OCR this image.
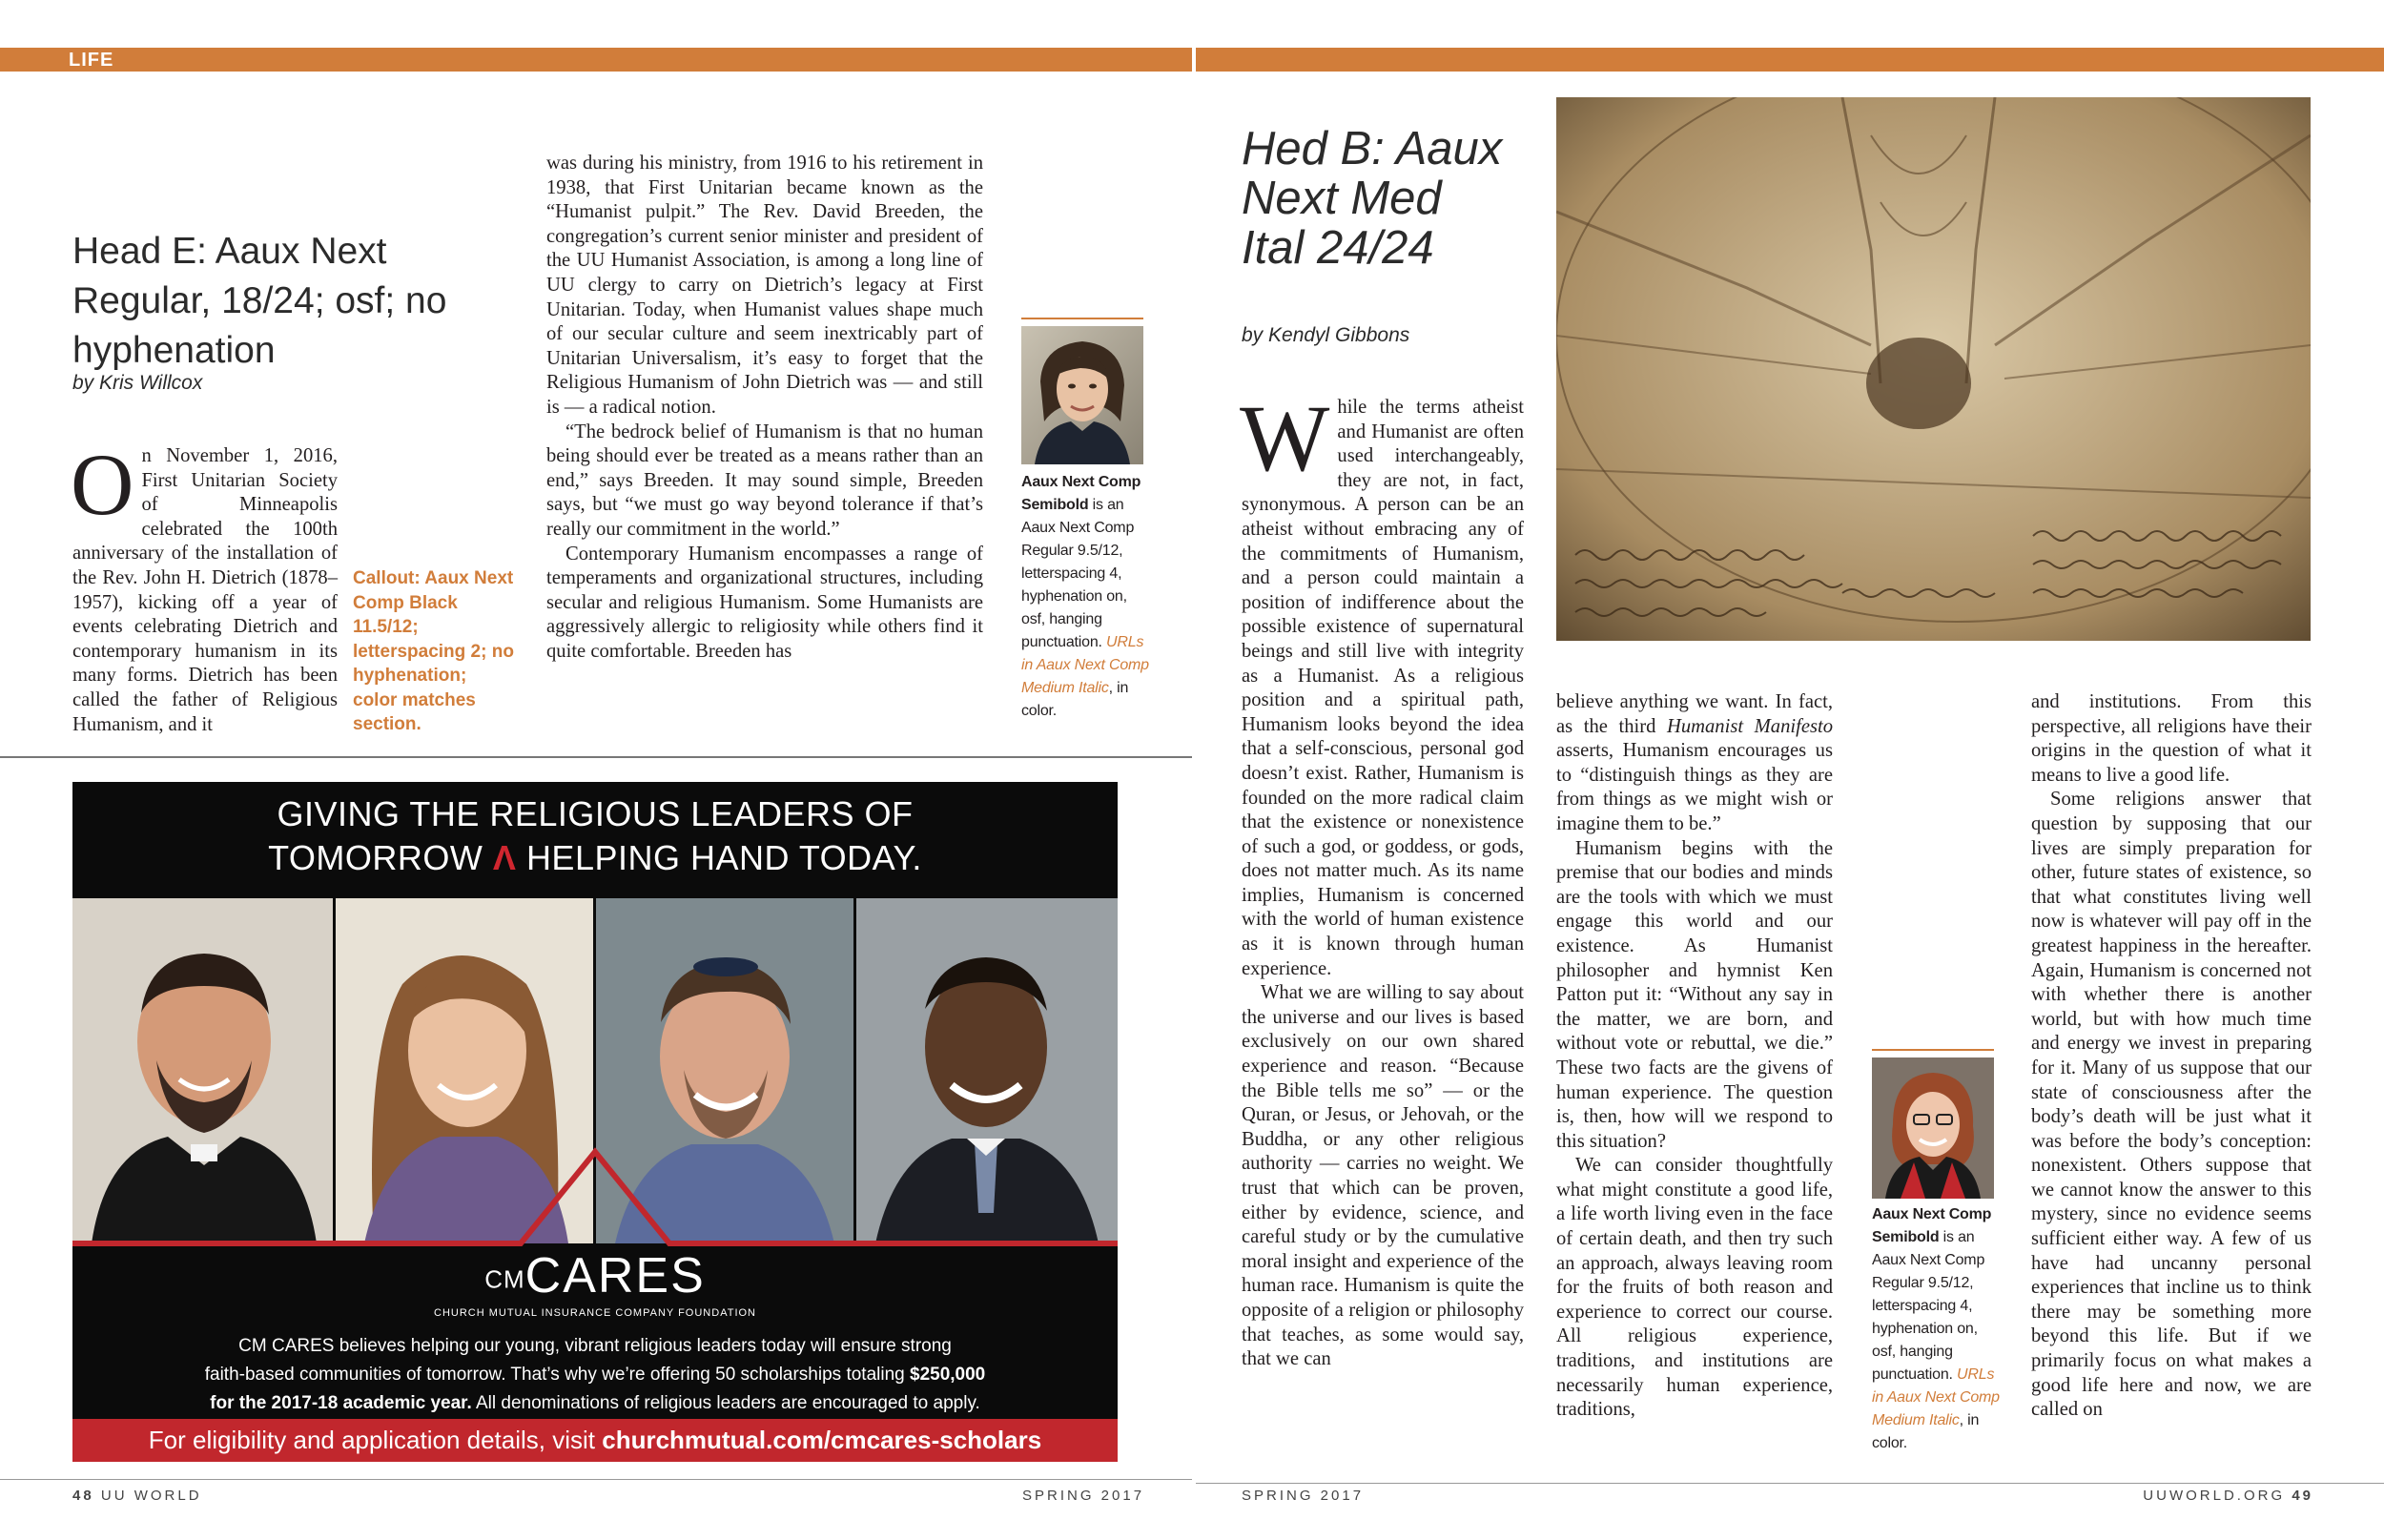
LIFE
Head E: Aaux Next Regular, 18/24; osf; no hyphenation
by Kris Willcox

On November 1, 2016, First Unitarian Society of Minneapolis celebrated the 100th anniversary of the installation of the Rev. John H. Dietrich (1878–1957), kicking off a year of events celebrating Dietrich and contemporary humanism in its many forms. Dietrich has been called the father of Religious Humanism, and it

Callout: Aaux Next Comp Black 11.5/12; letterspacing 2; no hyphenation; color matches section.

was during his ministry, from 1916 to his retirement in 1938, that First Unitarian became known as the “Humanist pulpit.” The Rev. David Breeden, the congregation’s current senior minister and president of the UU Humanist Association, is among a long line of UU clergy to carry on Dietrich’s legacy at First Unitarian. Today, when Humanist values shape much of our secular culture and seem inextricably part of Unitarian Universalism, it’s easy to forget that the Religious Humanism of John Dietrich was — and still is — a radical notion.

“The bedrock belief of Humanism is that no human being should ever be treated as a means rather than an end,” says Breeden. It may sound simple, Breeden says, but “we must go way beyond tolerance if that’s really our commitment in the world.”

Contemporary Humanism encompasses a range of temperaments and organizational structures, including secular and religious Humanism. Some Humanists are aggressively allergic to religiosity while others find it quite comfortable. Breeden has

Aaux Next Comp Semibold is an Aaux Next Comp Regular 9.5/12, letterspacing 4, hyphenation on, osf, hanging punctuation. URLs in Aaux Next Comp Medium Italic, in color.
GIVING THE RELIGIOUS LEADERS OF
TOMORROW Λ HELPING HAND TODAY.
CMCARES
CHURCH MUTUAL INSURANCE COMPANY FOUNDATION
CM CARES believes helping our young, vibrant religious leaders today will ensure strong
faith-based communities of tomorrow. That’s why we’re offering 50 scholarships totaling $250,000
for the 2017-18 academic year. All denominations of religious leaders are encouraged to apply.
For eligibility and application details, visit churchmutual.com/cmcares-scholars
48 UU WORLD	SPRING 2017
Hed B: Aaux Next Med Ital 24/24
by Kendyl Gibbons

While the terms atheist and Humanist are often used interchangeably, they are not, in fact, synonymous. A person can be an atheist without embracing any of the commitments of Humanism, and a person could maintain a position of indifference about the possible existence of supernatural beings and still live with integrity as a Humanist. As a religious position and a spiritual path, Humanism looks beyond the idea that a self-conscious, personal god doesn’t exist. Rather, Humanism is founded on the more radical claim that the existence or nonexistence of such a god, or goddess, or gods, does not matter much. As its name implies, Humanism is concerned with the world of human existence as it is known through human experience.

What we are willing to say about the universe and our lives is based exclusively on our own shared experience and reason. “Because the Bible tells me so” — or the Quran, or Jesus, or Jehovah, or the Buddha, or any other religious authority — carries no weight. We trust that which can be proven, either by evidence, science, and careful study or by the cumulative moral insight and experience of the human race. Humanism is quite the opposite of a religion or philosophy that teaches, as some would say, that we can

believe anything we want. In fact, as the third Humanist Manifesto asserts, Humanism encourages us to “distinguish things as they are from things as we might wish or imagine them to be.”

Humanism begins with the premise that our bodies and minds are the tools with which we must engage this world and our existence. As Humanist philosopher and hymnist Ken Patton put it: “Without any say in the matter, we are born, and without vote or rebuttal, we die.” These two facts are the givens of human experience. The question is, then, how will we respond to this situation?

We can consider thoughtfully what might constitute a good life, a life worth living even in the face of certain death, and then try such an approach, always leaving room for the fruits of both reason and experience to correct our course. All religious experience, traditions, and institutions are necessarily human experience, traditions,

Aaux Next Comp Semibold is an Aaux Next Comp Regular 9.5/12, letterspacing 4, hyphenation on, osf, hanging punctuation. URLs in Aaux Next Comp Medium Italic, in color.

and institutions. From this perspective, all religions have their origins in the question of what it means to live a good life.

Some religions answer that question by supposing that our lives are simply preparation for other, future states of existence, so that what constitutes living well now is whatever will pay off in the greatest happiness in the hereafter. Again, Humanism is concerned not with whether there is another world, but with how much time and energy we invest in preparing for it. Many of us suppose that our state of consciousness after the body’s death will be just what it was before the body’s conception: nonexistent. Others suppose that we cannot know the answer to this mystery, since no evidence seems sufficient either way. A few of us have had uncanny personal experiences that incline us to think there may be something more beyond this life. But if we primarily focus on what makes a good life here and now, we are called on

SPRING 2017	UUWORLD.ORG 49
